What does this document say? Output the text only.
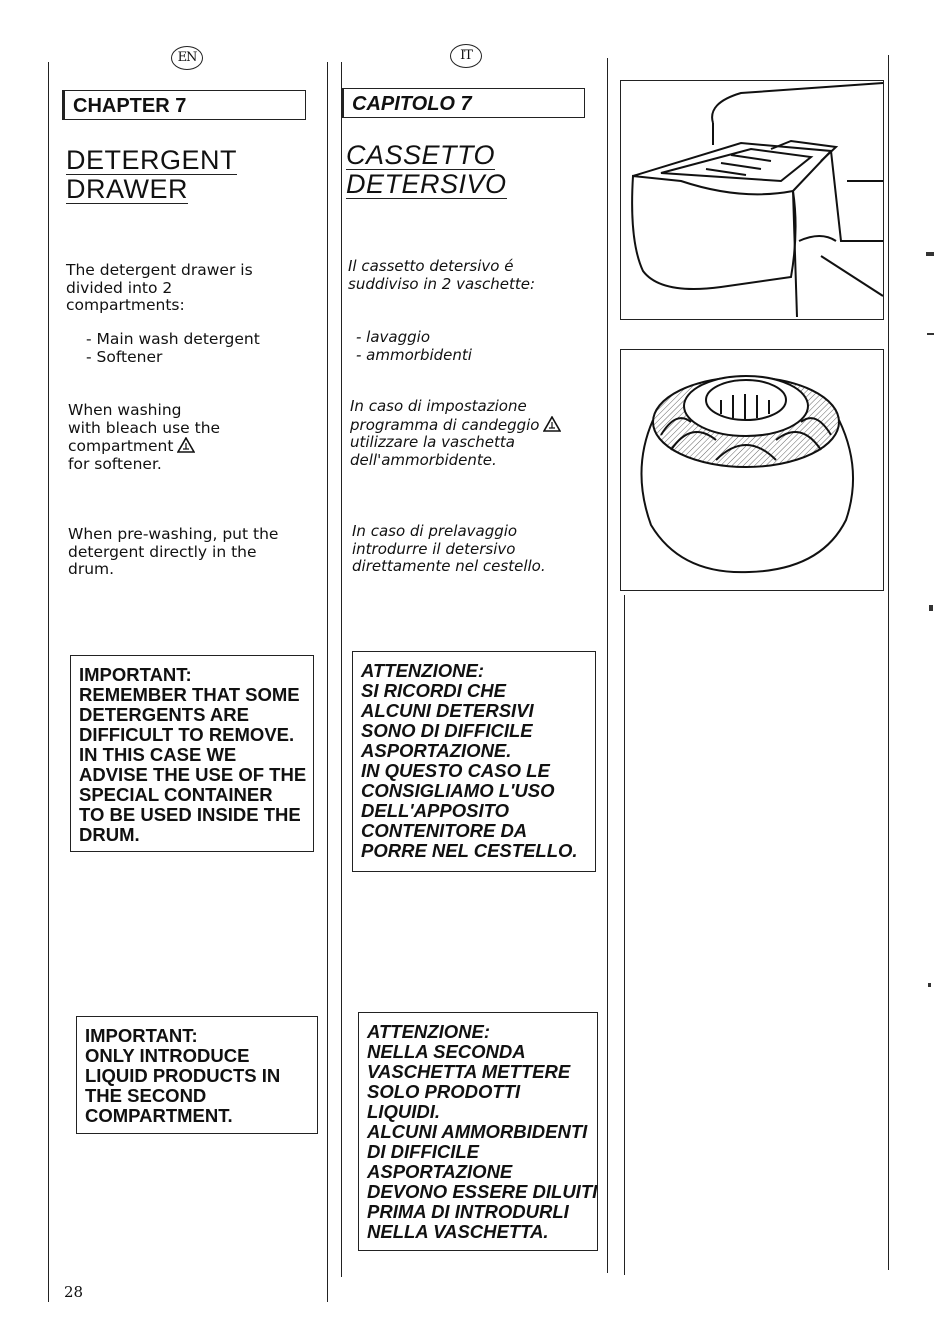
EN	IT
CHAPTER 7
DETERGENT
DRAWER
The detergent drawer is
divided into 2
compartments:
- Main wash detergent
- Softener
When washing
with bleach use the
compartment
for softener.
When pre-washing, put the
detergent directly in the
drum.
IMPORTANT:
REMEMBER THAT SOME
DETERGENTS ARE
DIFFICULT TO REMOVE.
IN THIS CASE WE
ADVISE THE USE OF THE
SPECIAL CONTAINER
TO BE USED INSIDE THE
DRUM.
IMPORTANT:
ONLY INTRODUCE
LIQUID PRODUCTS IN
THE SECOND
COMPARTMENT.
CAPITOLO 7
CASSETTO
DETERSIVO
Il cassetto detersivo é
suddiviso in 2 vaschette:
- lavaggio
- ammorbidenti
In caso di impostazione
programma di candeggio
utilizzare la vaschetta
dell'ammorbidente.
In caso di prelavaggio
introdurre il detersivo
direttamente nel cestello.
ATTENZIONE:
SI RICORDI CHE
ALCUNI DETERSIVI
SONO DI DIFFICILE
ASPORTAZIONE.
IN QUESTO CASO LE
CONSIGLIAMO L'USO
DELL'APPOSITO
CONTENITORE DA
PORRE NEL CESTELLO.
ATTENZIONE:
NELLA SECONDA
VASCHETTA METTERE
SOLO PRODOTTI
LIQUIDI.
ALCUNI AMMORBIDENTI
DI DIFFICILE
ASPORTAZIONE
DEVONO ESSERE DILUITI
PRIMA DI INTRODURLI
NELLA VASCHETTA.
28
